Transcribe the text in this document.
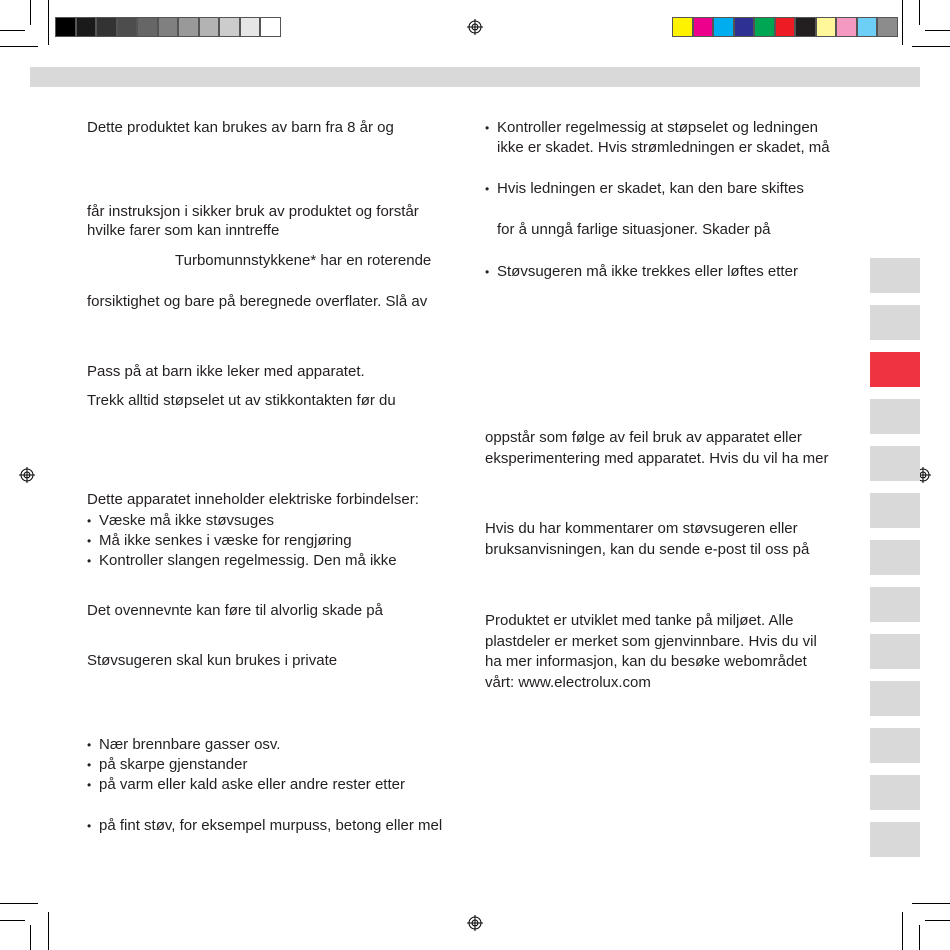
Dette produktet kan brukes av barn fra 8 år og
får instruksjon i sikker bruk av produktet og forstår
hvilke farer som kan inntreffe
Turbomunnstykkene* har en roterende
forsiktighet og bare på beregnede overflater. Slå av
Pass på at barn ikke leker med apparatet.
Trekk alltid støpselet ut av stikkontakten før du
Dette apparatet inneholder elektriske forbindelser:
• Væske må ikke støvsuges
• Må ikke senkes i væske for rengjøring
• Kontroller slangen regelmessig. Den må ikke
Det ovennevnte kan føre til alvorlig skade på
Støvsugeren skal kun brukes i private
• Nær brennbare gasser osv.
• på skarpe gjenstander
• på varm eller kald aske eller andre rester etter
• på fint støv, for eksempel murpuss, betong eller mel
• Kontroller regelmessig at støpselet og ledningen
ikke er skadet. Hvis strømledningen er skadet, må
• Hvis ledningen er skadet, kan den bare skiftes
for å unngå farlige situasjoner. Skader på
• Støvsugeren må ikke trekkes eller løftes etter
oppstår som følge av feil bruk av apparatet eller
eksperimentering med apparatet. Hvis du vil ha mer
Hvis du har kommentarer om støvsugeren eller
bruksanvisningen, kan du sende e-post til oss på
Produktet er utviklet med tanke på miljøet. Alle
plastdeler er merket som gjenvinnbare. Hvis du vil
ha mer informasjon, kan du besøke webområdet
vårt: www.electrolux.com
